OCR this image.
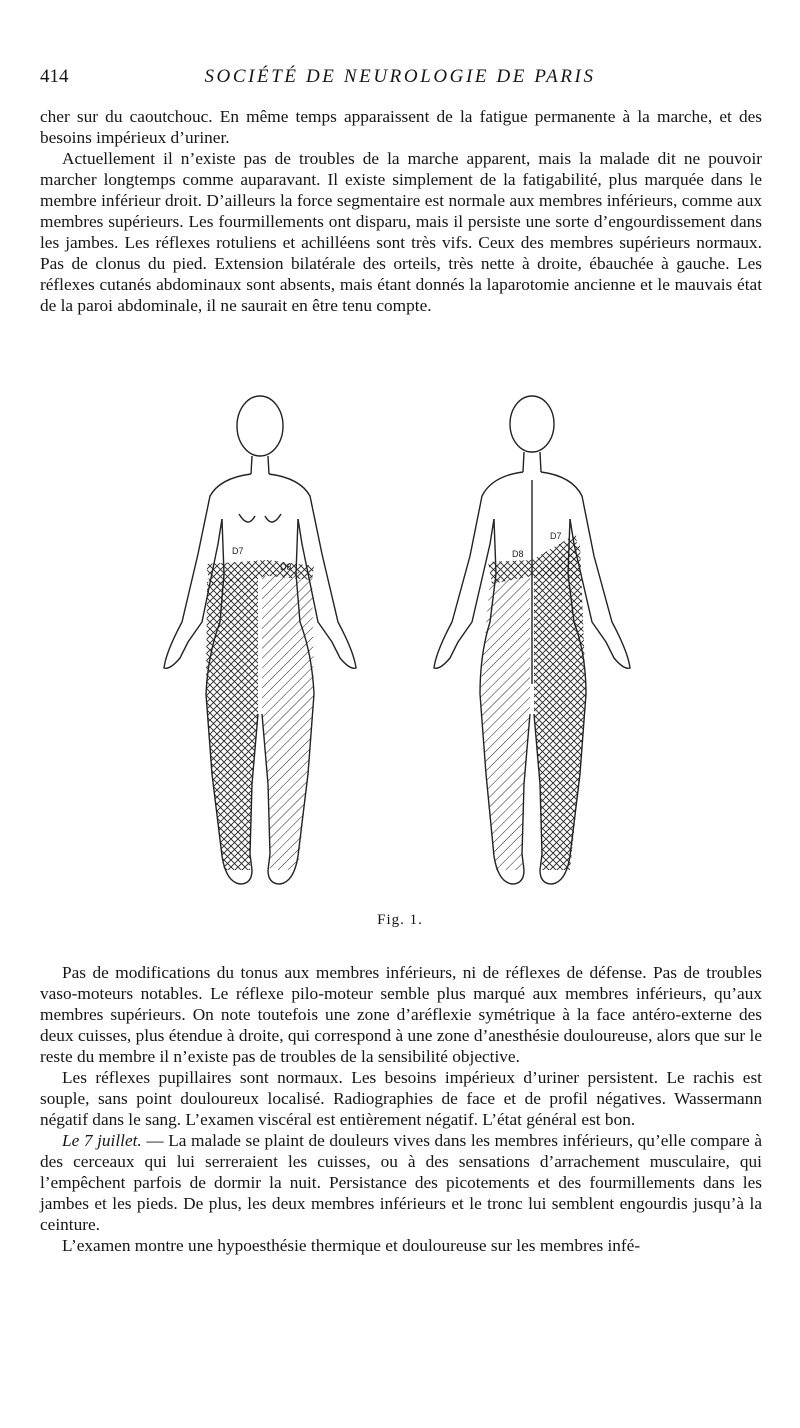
414	SOCIÉTÉ DE NEUROLOGIE DE PARIS

cher sur du caoutchouc. En même temps apparaissent de la fatigue permanente à la marche, et des besoins impérieux d’uriner.

Actuellement il n’existe pas de troubles de la marche apparent, mais la malade dit ne pouvoir marcher longtemps comme auparavant. Il existe simplement de la fatigabilité, plus marquée dans le membre inférieur droit. D’ailleurs la force segmentaire est normale aux membres inférieurs, comme aux membres supérieurs. Les fourmillements ont disparu, mais il persiste une sorte d’engourdissement dans les jambes. Les réflexes rotuliens et achilléens sont très vifs. Ceux des membres supérieurs normaux. Pas de clonus du pied. Extension bilatérale des orteils, très nette à droite, ébauchée à gauche. Les réflexes cutanés abdominaux sont absents, mais étant donnés la laparotomie ancienne et le mauvais état de la paroi abdominale, il ne saurait en être tenu compte.

D7
D8
D7
D8
Fig. 1.

Pas de modifications du tonus aux membres inférieurs, ni de réflexes de défense. Pas de troubles vaso-moteurs notables. Le réflexe pilo-moteur semble plus marqué aux membres inférieurs, qu’aux membres supérieurs. On note toutefois une zone d’aréflexie symétrique à la face antéro-externe des deux cuisses, plus étendue à droite, qui correspond à une zone d’anesthésie douloureuse, alors que sur le reste du membre il n’existe pas de troubles de la sensibilité objective.

Les réflexes pupillaires sont normaux. Les besoins impérieux d’uriner persistent. Le rachis est souple, sans point douloureux localisé. Radiographies de face et de profil négatives. Wassermann négatif dans le sang. L’examen viscéral est entièrement négatif. L’état général est bon.

Le 7 juillet. — La malade se plaint de douleurs vives dans les membres inférieurs, qu’elle compare à des cerceaux qui lui serreraient les cuisses, ou à des sensations d’arrachement musculaire, qui l’empêchent parfois de dormir la nuit. Persistance des picotements et des fourmillements dans les jambes et les pieds. De plus, les deux membres inférieurs et le tronc lui semblent engourdis jusqu’à la ceinture.

L’examen montre une hypoesthésie thermique et douloureuse sur les membres infé-
